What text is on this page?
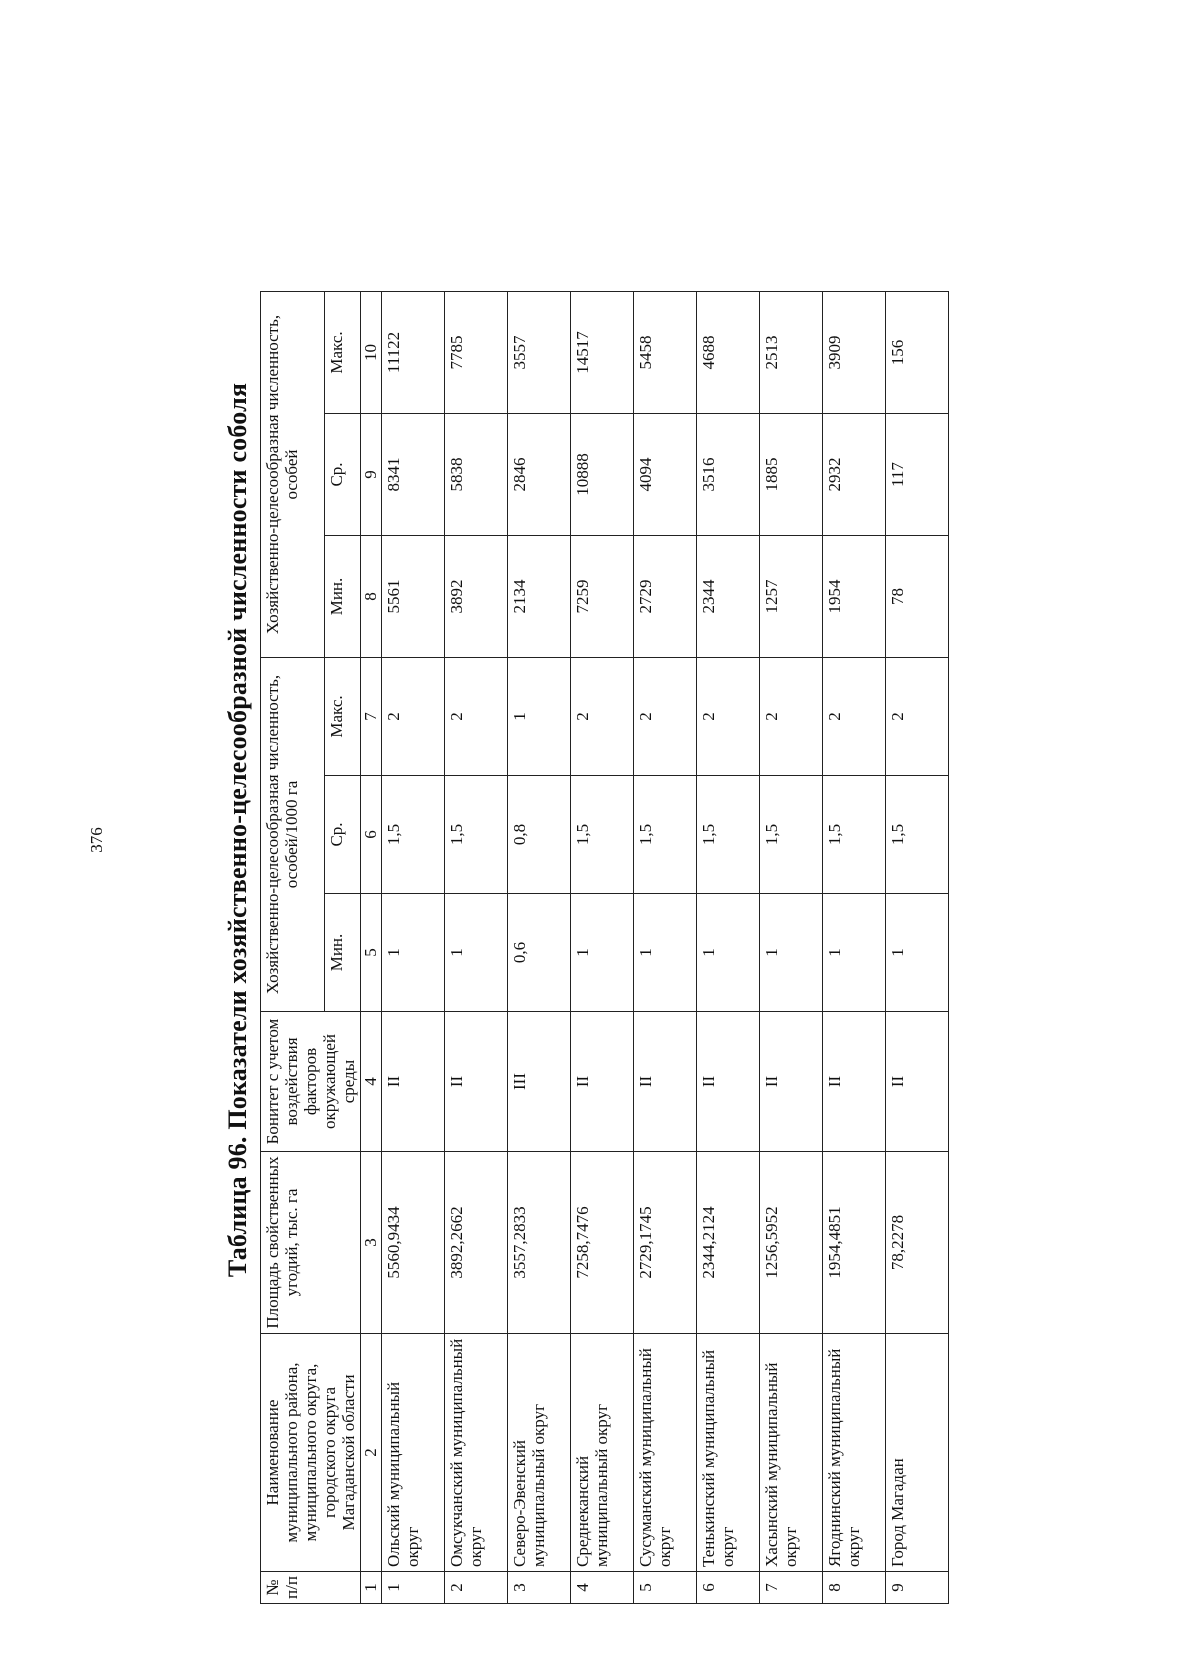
376	Таблица 96. Показатели хозяйственно-целесообразной численности соболя
№ п/п	Наименование муниципального района, муниципального округа, городского округа Магаданской области	Площадь свойственных угодий, тыс. га	Бонитет с учетом воздействия факторов окружающей среды	Хозяйственно-целесообразная численность, особей/1000 га			Хозяйственно-целесообразная численность, особей		
				Мин.	Ср.	Макс.	Мин.	Ср.	Макс.
1	2	3	4	5	6	7	8	9	10
1	Ольский муниципальный округ	5560,9434	II	1	1,5	2	5561	8341	11122
2	Омсукчанский муниципальный округ	3892,2662	II	1	1,5	2	3892	5838	7785
3	Северо-Эвенский муниципальный округ	3557,2833	III	0,6	0,8	1	2134	2846	3557
4	Среднеканский муниципальный округ	7258,7476	II	1	1,5	2	7259	10888	14517
5	Сусуманский муниципальный округ	2729,1745	II	1	1,5	2	2729	4094	5458
6	Тенькинский муниципальный округ	2344,2124	II	1	1,5	2	2344	3516	4688
7	Хасынский муниципальный округ	1256,5952	II	1	1,5	2	1257	1885	2513
8	Ягоднинский муниципальный округ	1954,4851	II	1	1,5	2	1954	2932	3909
9	Город Магадан	78,2278	II	1	1,5	2	78	117	156
